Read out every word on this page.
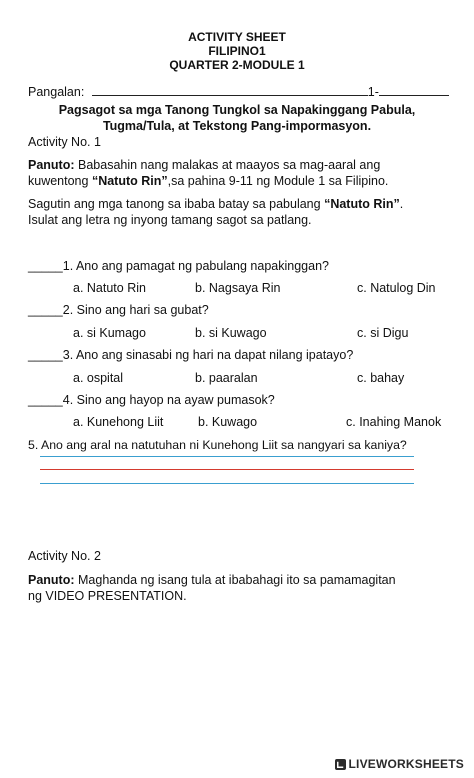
ACTIVITY SHEET
FILIPINO1
QUARTER 2-MODULE 1
Pangalan:	1-
Pagsagot sa mga Tanong Tungkol sa Napakinggang Pabula,
Tugma/Tula, at Tekstong Pang-impormasyon.
Activity No. 1
Panuto: Babasahin nang malakas at maayos sa mag-aaral ang
kuwentong “Natuto Rin”,sa pahina 9-11 ng Module 1 sa Filipino.
Sagutin ang mga tanong sa ibaba batay sa pabulang “Natuto Rin”.
Isulat ang letra ng inyong tamang sagot sa patlang.
_____1. Ano ang pamagat ng pabulang napakinggan?
a. Natuto Rin	b. Nagsaya Rin	c. Natulog Din
_____2. Sino ang hari sa gubat?
a. si Kumago	b. si Kuwago	c. si Digu
_____3. Ano ang sinasabi ng hari na dapat nilang ipatayo?
a. ospital	b. paaralan	c. bahay
_____4. Sino ang hayop na ayaw pumasok?
a. Kunehong Liit	b. Kuwago	c. Inahing Manok
5. Ano ang aral na natutuhan ni Kunehong Liit sa nangyari sa kaniya?
Activity No. 2
Panuto: Maghanda ng isang tula at ibabahagi ito sa pamamagitan
ng VIDEO PRESENTATION.
LIVEWORKSHEETS
